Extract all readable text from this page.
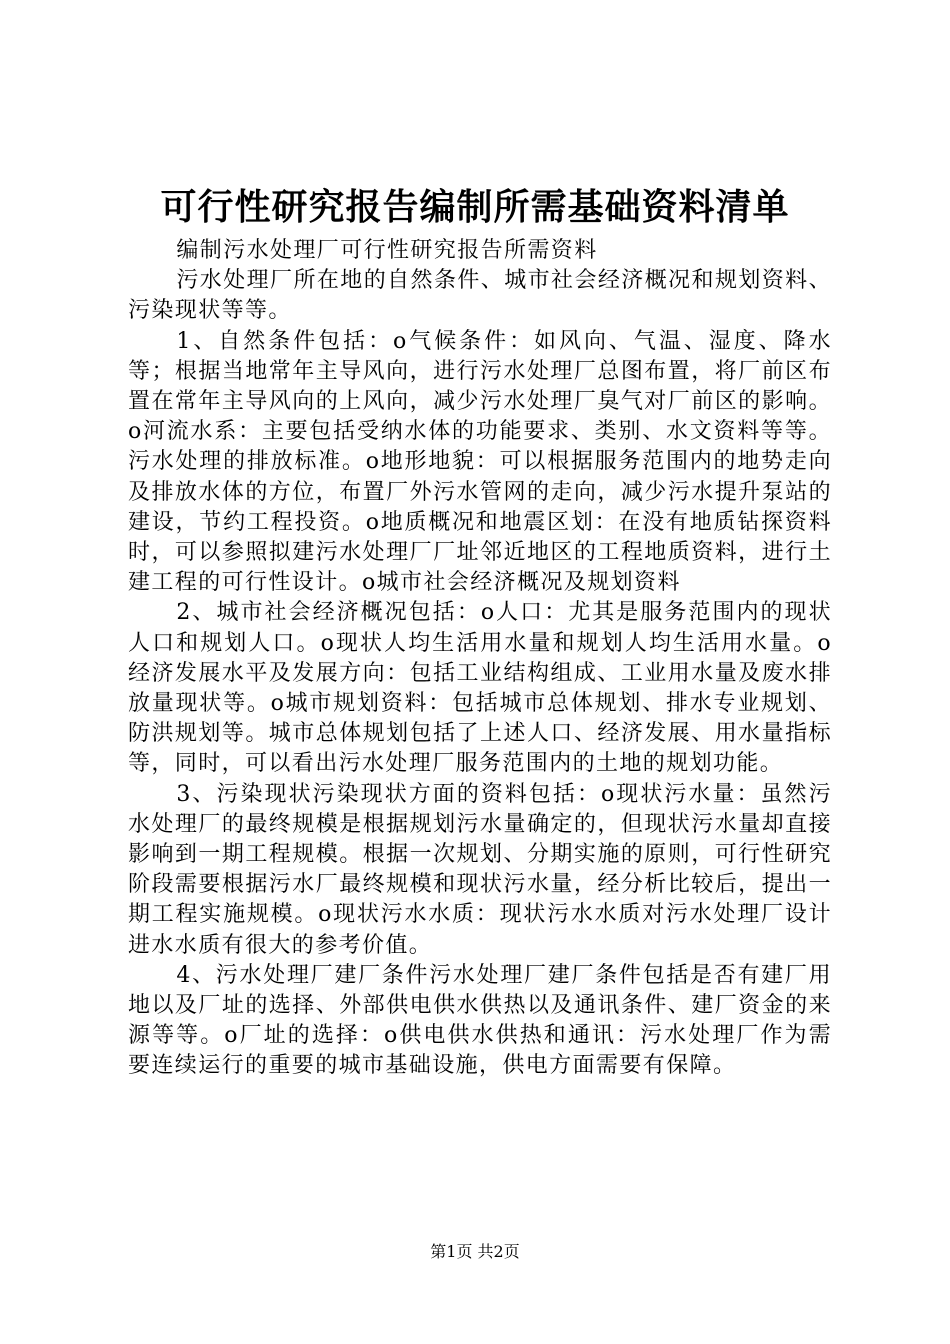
可行性研究报告编制所需基础资料清单

编制污水处理厂可行性研究报告所需资料

污水处理厂所在地的自然条件、城市社会经济概况和规划资料、污染现状等等。

1、自然条件包括：o气候条件：如风向、气温、湿度、降水等；根据当地常年主导风向，进行污水处理厂总图布置，将厂前区布置在常年主导风向的上风向，减少污水处理厂臭气对厂前区的影响。o河流水系：主要包括受纳水体的功能要求、类别、水文资料等等。污水处理的排放标准。o地形地貌：可以根据服务范围内的地势走向及排放水体的方位，布置厂外污水管网的走向，减少污水提升泵站的建设，节约工程投资。o地质概况和地震区划：在没有地质钻探资料时，可以参照拟建污水处理厂厂址邻近地区的工程地质资料，进行土建工程的可行性设计。o城市社会经济概况及规划资料

2、城市社会经济概况包括：o人口：尤其是服务范围内的现状人口和规划人口。o现状人均生活用水量和规划人均生活用水量。o经济发展水平及发展方向：包括工业结构组成、工业用水量及废水排放量现状等。o城市规划资料：包括城市总体规划、排水专业规划、防洪规划等。城市总体规划包括了上述人口、经济发展、用水量指标等，同时，可以看出污水处理厂服务范围内的土地的规划功能。

3、污染现状污染现状方面的资料包括：o现状污水量：虽然污水处理厂的最终规模是根据规划污水量确定的，但现状污水量却直接影响到一期工程规模。根据一次规划、分期实施的原则，可行性研究阶段需要根据污水厂最终规模和现状污水量，经分析比较后，提出一期工程实施规模。o现状污水水质：现状污水水质对污水处理厂设计进水水质有很大的参考价值。

4、污水处理厂建厂条件污水处理厂建厂条件包括是否有建厂用地以及厂址的选择、外部供电供水供热以及通讯条件、建厂资金的来源等等。o厂址的选择：o供电供水供热和通讯：污水处理厂作为需要连续运行的重要的城市基础设施，供电方面需要有保障。

第1页 共2页
